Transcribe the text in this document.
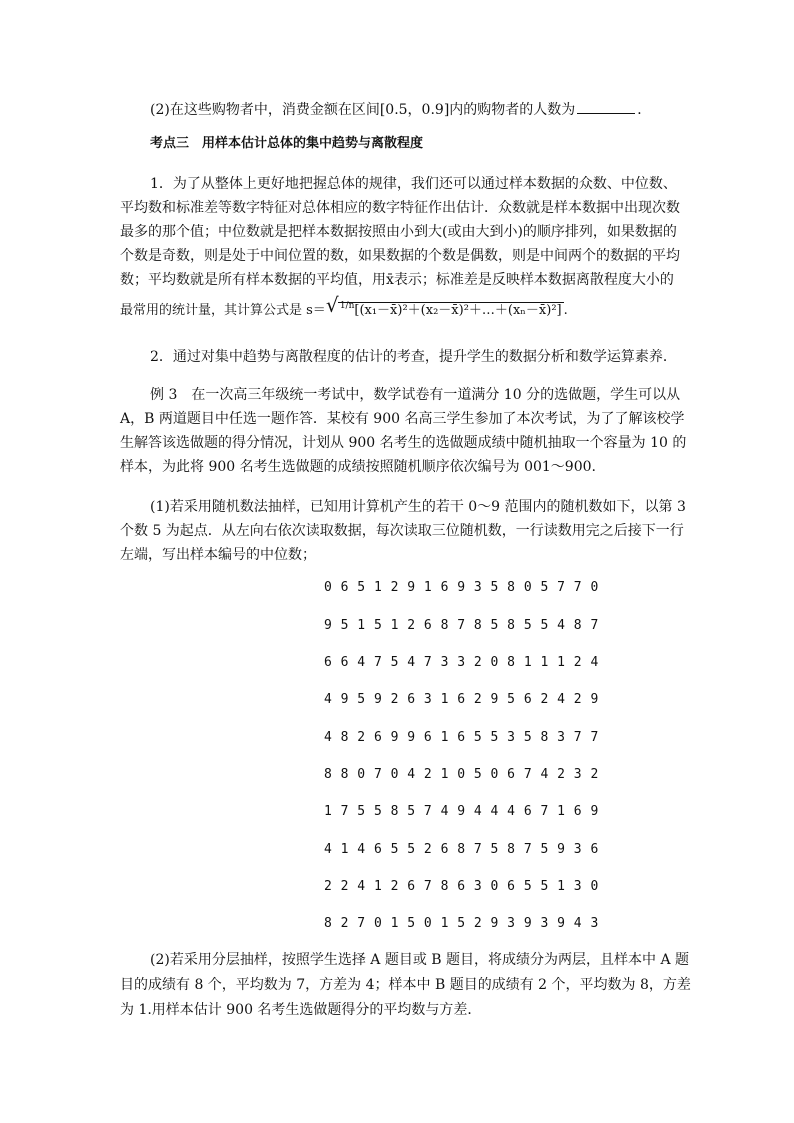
(2)在这些购物者中，消费金额在区间[0.5，0.9]内的购物者的人数为	．
考点三　用样本估计总体的集中趋势与离散程度
1．为了从整体上更好地把握总体的规律，我们还可以通过样本数据的众数、中位数、
平均数和标准差等数字特征对总体相应的数字特征作出估计．众数就是样本数据中出现次数
最多的那个值；中位数就是把样本数据按照由小到大(或由大到小)的顺序排列，如果数据的
个数是奇数，则是处于中间位置的数，如果数据的个数是偶数，则是中间两个的数据的平均
数；平均数就是所有样本数据的平均值，用x̄表示；标准差是反映样本数据离散程度大小的
最常用的统计量，其计算公式是 s＝ √ $^{1/n}$[(x₁－x̄)²＋(x₂－x̄)²＋…＋(xₙ－x̄)²] .
2．通过对集中趋势与离散程度的估计的考查，提升学生的数据分析和数学运算素养．
例 3　在一次高三年级统一考试中，数学试卷有一道满分 10 分的选做题，学生可以从
A，B 两道题目中任选一题作答．某校有 900 名高三学生参加了本次考试，为了了解该校学
生解答该选做题的得分情况，计划从 900 名考生的选做题成绩中随机抽取一个容量为 10 的
样本，为此将 900 名考生选做题的成绩按照随机顺序依次编号为 001～900.
(1)若采用随机数法抽样，已知用计算机产生的若干 0～9 范围内的随机数如下，以第 3
个数 5 为起点．从左向右依次读取数据，每次读取三位随机数，一行读数用完之后接下一行
左端，写出样本编号的中位数；
0 6 5 1 2 9 1 6 9 3 5 8 0 5 7 7 0
9 5 1 5 1 2 6 8 7 8 5 8 5 5 4 8 7
6 6 4 7 5 4 7 3 3 2 0 8 1 1 1 2 4
4 9 5 9 2 6 3 1 6 2 9 5 6 2 4 2 9
4 8 2 6 9 9 6 1 6 5 5 3 5 8 3 7 7
8 8 0 7 0 4 2 1 0 5 0 6 7 4 2 3 2
1 7 5 5 8 5 7 4 9 4 4 4 6 7 1 6 9
4 1 4 6 5 5 2 6 8 7 5 8 7 5 9 3 6
2 2 4 1 2 6 7 8 6 3 0 6 5 5 1 3 0
8 2 7 0 1 5 0 1 5 2 9 3 9 3 9 4 3
(2)若采用分层抽样，按照学生选择 A 题目或 B 题目，将成绩分为两层，且样本中 A 题
目的成绩有 8 个，平均数为 7，方差为 4；样本中 B 题目的成绩有 2 个，平均数为 8，方差
为 1.用样本估计 900 名考生选做题得分的平均数与方差．
